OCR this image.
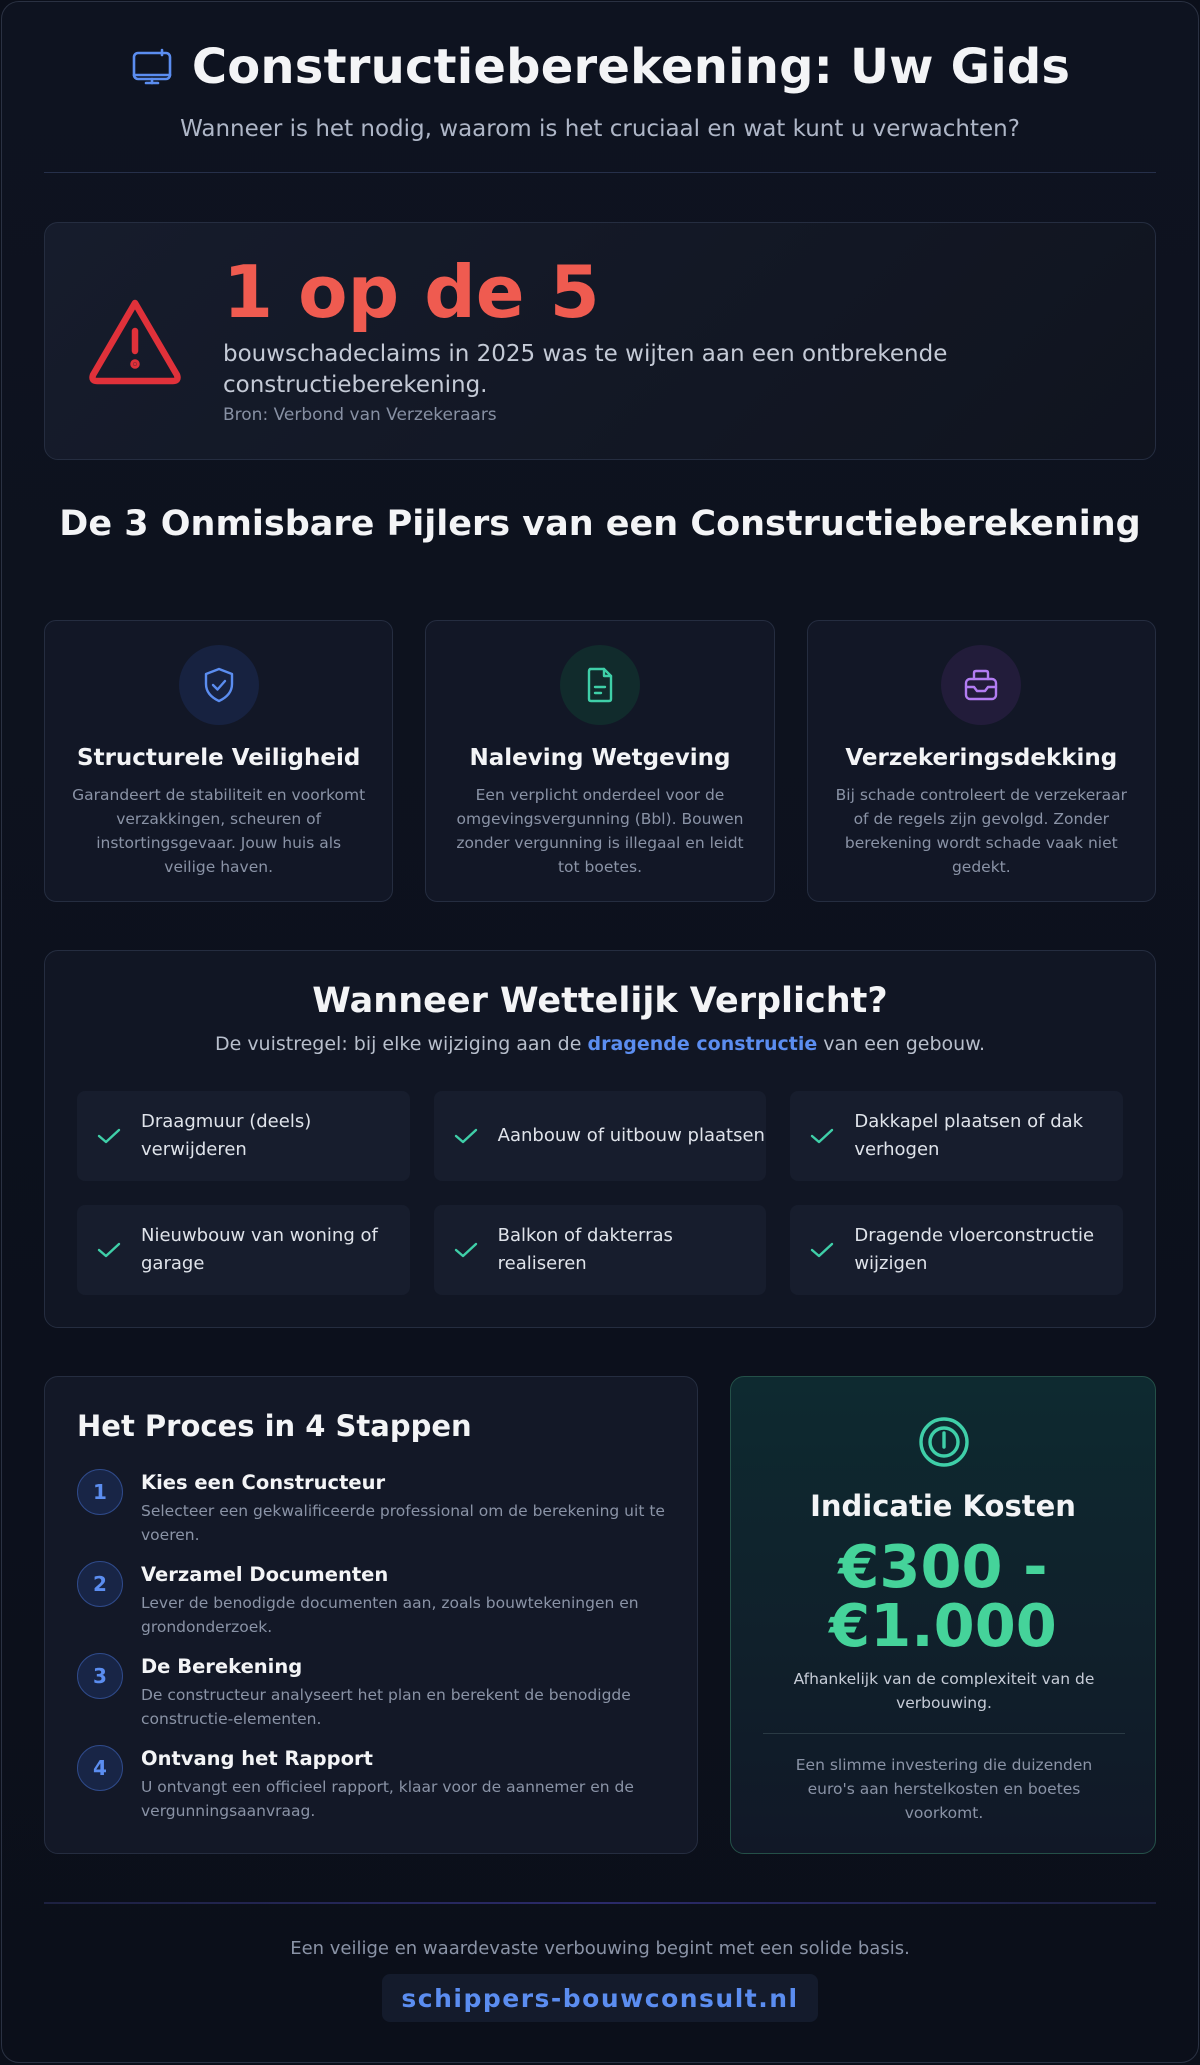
Constructieberekening: Uw Gids

Wanneer is het nodig, waarom is het cruciaal en wat kunt u verwachten?

1 op de 5
bouwschadeclaims in 2025 was te wijten aan een ontbrekende constructieberekening.
Bron: Verbond van Verzekeraars
De 3 Onmisbare Pijlers van een Constructieberekening
Structurele Veiligheid
Garandeert de stabiliteit en voorkomt verzakkingen, scheuren of instortingsgevaar. Jouw huis als veilige haven.
Naleving Wetgeving
Een verplicht onderdeel voor de omgevingsvergunning (Bbl). Bouwen zonder vergunning is illegaal en leidt tot boetes.
Verzekeringsdekking
Bij schade controleert de verzekeraar of de regels zijn gevolgd. Zonder berekening wordt schade vaak niet gedekt.
Wanneer Wettelijk Verplicht?

De vuistregel: bij elke wijziging aan de dragende constructie van een gebouw.

Draagmuur (deels) verwijderen
Aanbouw of uitbouw plaatsen
Dakkapel plaatsen of dak verhogen
Nieuwbouw van woning of garage
Balkon of dakterras realiseren
Dragende vloerconstructie wijzigen
Het Proces in 4 Stappen
1	Kies een Constructeur
Selecteer een gekwalificeerde professional om de berekening uit te voeren.
2	Verzamel Documenten
Lever de benodigde documenten aan, zoals bouwtekeningen en grondonderzoek.
3	De Berekening
De constructeur analyseert het plan en berekent de benodigde constructie-elementen.
4	Ontvang het Rapport
U ontvangt een officieel rapport, klaar voor de aannemer en de vergunningsaanvraag.
Indicatie Kosten
€300 -
€1.000

Afhankelijk van de complexiteit van de verbouwing.

Een slimme investering die duizenden euro's aan herstelkosten en boetes voorkomt.

Een veilige en waardevaste verbouwing begint met een solide basis.

schippers-bouwconsult.nl
